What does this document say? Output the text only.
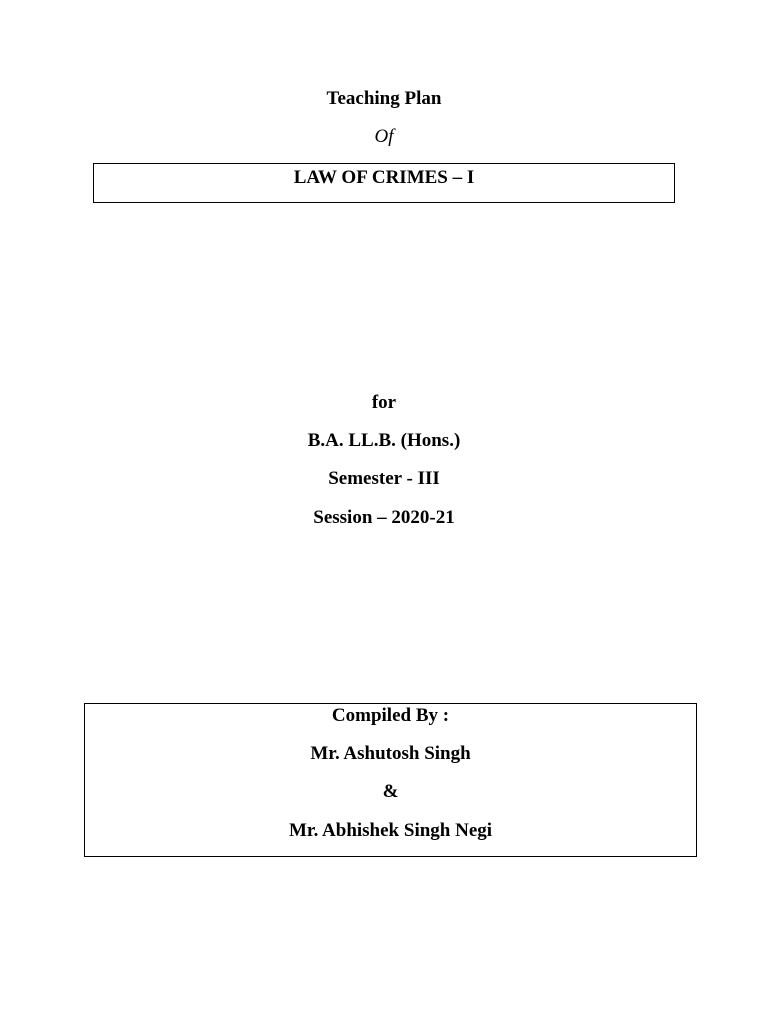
Teaching Plan
Of
LAW OF CRIMES – I
for
B.A. LL.B. (Hons.)
Semester - III
Session – 2020-21
Compiled By :
Mr. Ashutosh Singh
&
Mr. Abhishek Singh Negi
